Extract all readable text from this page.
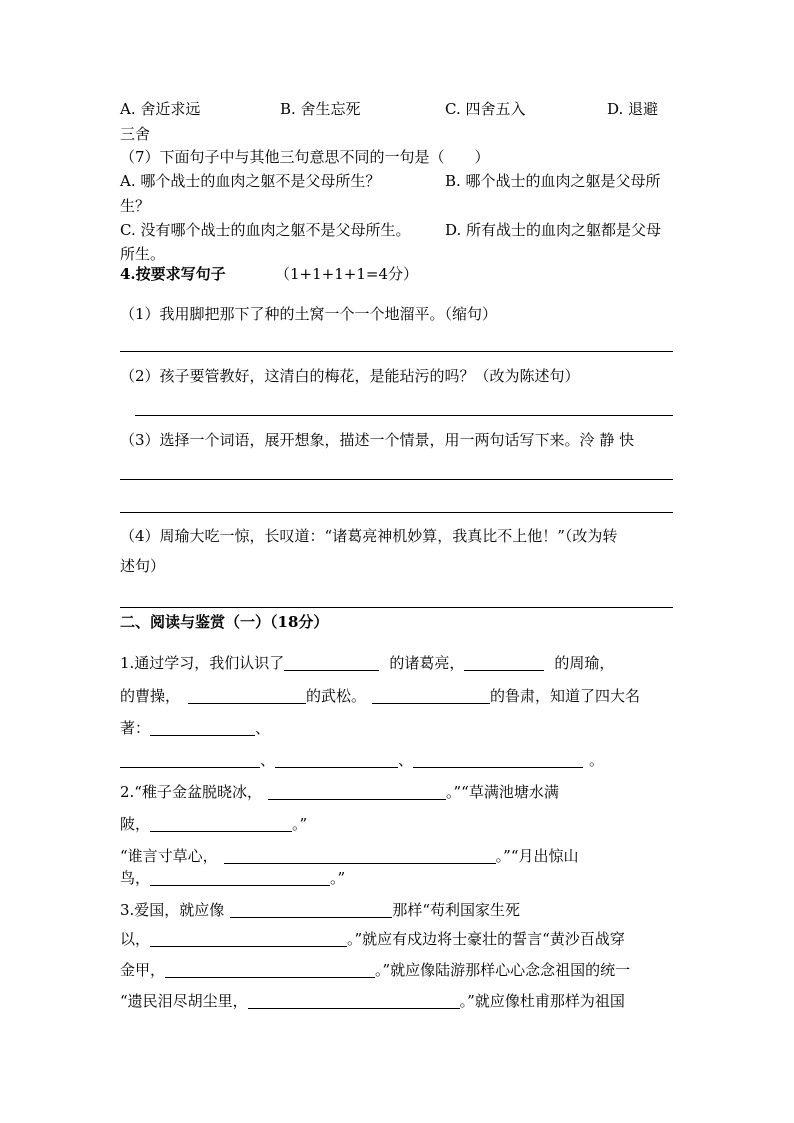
A. 舍近求远	B. 舍生忘死	C. 四舍五入	D. 退避
三舍
（7）下面句子中与其他三句意思不同的一句是（　　）
A. 哪个战士的血肉之躯不是父母所生？	B. 哪个战士的血肉之躯是父母所
生？
C. 没有哪个战士的血肉之躯不是父母所生。 D. 所有战士的血肉之躯都是父母
所生。
4.按要求写句子	（1+1+1+1=4分）
（1）我用脚把那下了种的土窝一个一个地溜平。（缩句）
（2）孩子要管教好，这清白的梅花，是能玷污的吗？（改为陈述句）
（3）选择一个词语，展开想象，描述一个情景，用一两句话写下来。泠 静 快
（4）周瑜大吃一惊，长叹道：“诸葛亮神机妙算，我真比不上他！”（改为转
述句）
二、阅读与鉴赏（一）（18分）
1.通过学习，我们认识了	的诸葛亮，	的周瑜，
的曹操，	的武松。	的鲁肃，知道了四大名
著：	、
、	、	。
2.“稚子金盆脱晓冰，	。”“草满池塘水满
陂，	。”
“谁言寸草心，	。”“月出惊山
鸟，	。”
3.爱国，就应像	那样“苟利国家生死
以，	。”就应有戍边将士豪壮的誓言“黄沙百战穿
金甲，	。”就应像陆游那样心心念念祖国的统一
“遗民泪尽胡尘里，	。”就应像杜甫那样为祖国
